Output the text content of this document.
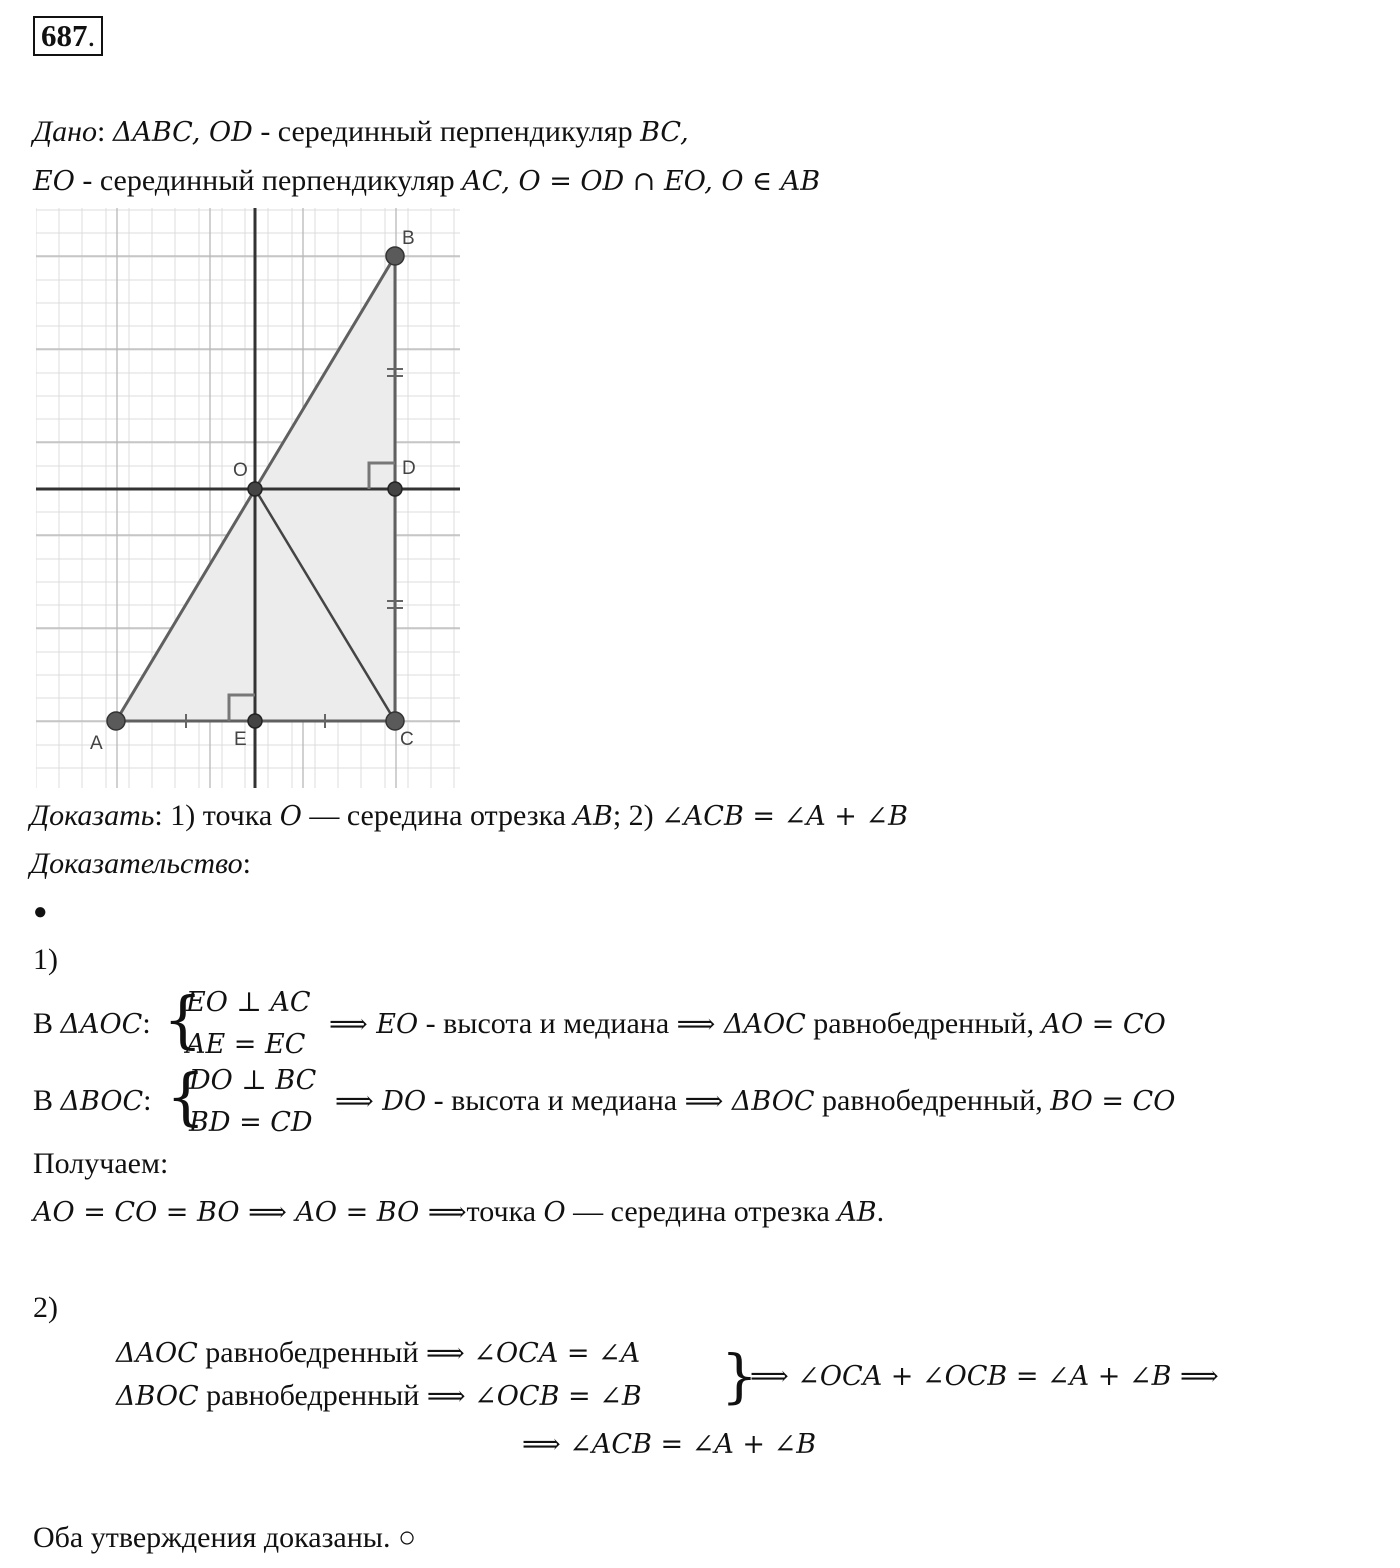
687.
Дано: ΔABC, OD - серединный перпендикуляр BC,
EO - серединный перпендикуляр AC, O = OD ∩ EO, O ∈ AB
A
B
C
D
E
O
Доказать: 1) точка O — середина отрезка AB; 2) ∠ACB = ∠A + ∠B
Доказательство:
●
1)
В ΔAOC: {
EO ⊥ AC
AE = EC
⟹ EO - высота и медиана ⟹ ΔAOC равнобедренный, AO = CO
В ΔBOC: {
DO ⊥ BC
BD = CD
⟹ DO - высота и медиана ⟹ ΔBOC равнобедренный, BO = CO
Получаем:
AO = CO = BO ⟹ AO = BO ⟹точка O — середина отрезка AB.
2)
ΔAOC равнобедренный ⟹ ∠OCA = ∠A
ΔBOC равнобедренный ⟹ ∠OCB = ∠B }
⟹ ∠OCA + ∠OCB = ∠A + ∠B ⟹
⟹ ∠ACB = ∠A + ∠B
Оба утверждения доказаны. ○
